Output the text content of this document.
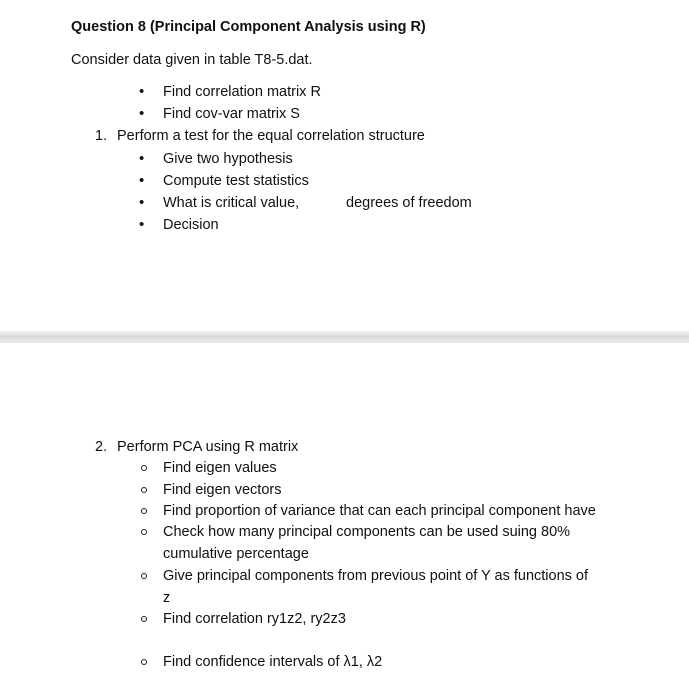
Question 8 (Principal Component Analysis using R)
Consider data given in table T8-5.dat.
• Find correlation matrix R
• Find cov-var matrix S
1. Perform a test for the equal correlation structure
• Give two hypothesis
• Compute test statistics
• What is critical value,	degrees of freedom
• Decision
2. Perform PCA using R matrix
Find eigen values
Find eigen vectors
Find proportion of variance that can each principal component have
Check how many principal components can be used suing 80%
cumulative percentage
Give principal components from previous point of Y as functions of
z
Find correlation ry1z2, ry2z3
Find confidence intervals of λ1, λ2
